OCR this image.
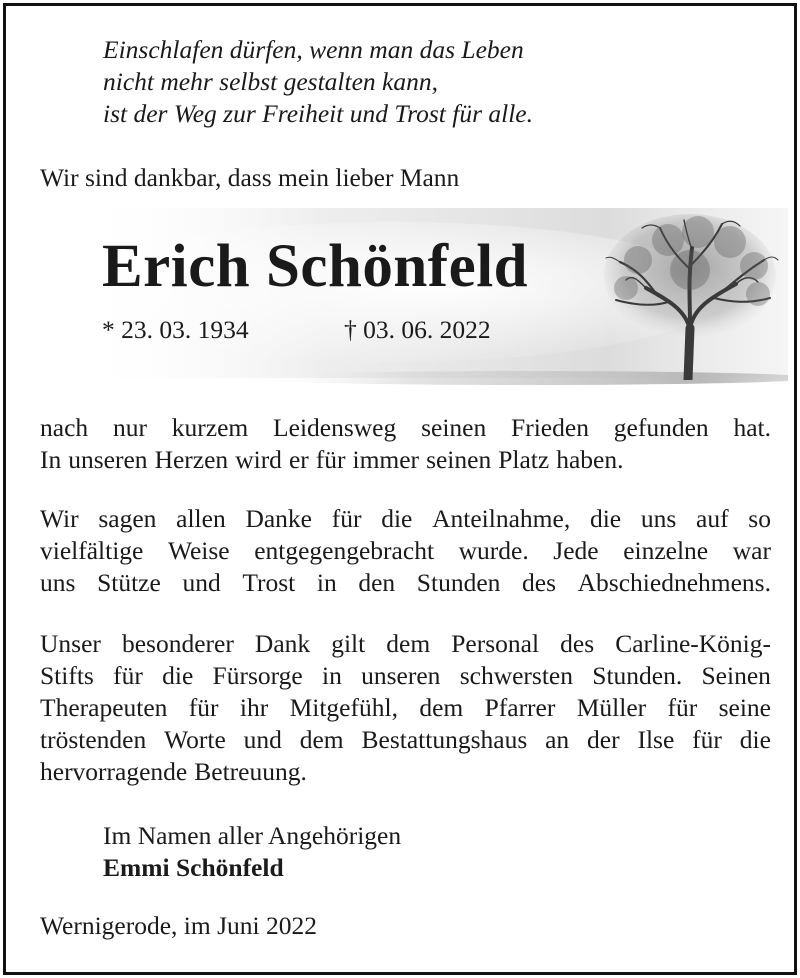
Einschlafen dürfen, wenn man das Leben
nicht mehr selbst gestalten kann,
ist der Weg zur Freiheit und Trost für alle.
Wir sind dankbar, dass mein lieber Mann
Erich Schönfeld
* 23. 03. 1934	† 03. 06. 2022
nach nur kurzem Leidensweg seinen Frieden gefunden hat.
In unseren Herzen wird er für immer seinen Platz haben.
Wir sagen allen Danke für die Anteilnahme, die uns auf so
vielfältige Weise entgegengebracht wurde. Jede einzelne war
uns Stütze und Trost in den Stunden des Abschiednehmens.
Unser besonderer Dank gilt dem Personal des Carline-König-
Stifts für die Fürsorge in unseren schwersten Stunden. Seinen
Therapeuten für ihr Mitgefühl, dem Pfarrer Müller für seine
tröstenden Worte und dem Bestattungshaus an der Ilse für die
hervorragende Betreuung.
Im Namen aller Angehörigen
Emmi Schönfeld
Wernigerode, im Juni 2022
